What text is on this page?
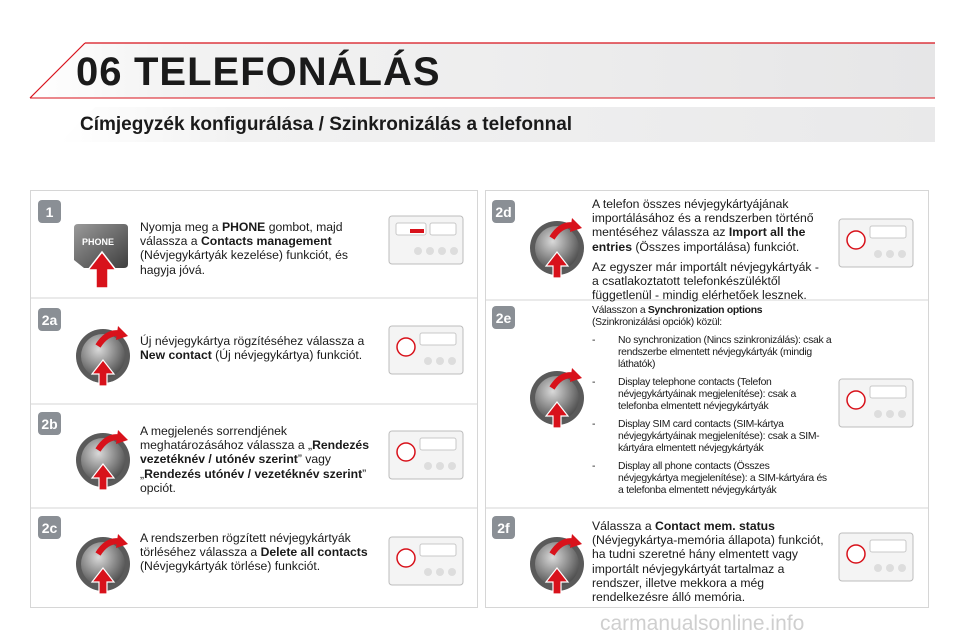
06 TELEFONÁLÁS
Címjegyzék konfigurálása / Szinkronizálás a telefonnal
1
PHONE
Nyomja meg a PHONE gombot, majd válassza a Contacts management (Névjegykártyák kezelése) funkciót, és hagyja jóvá.
2a
Új névjegykártya rögzítéséhez válassza a New contact (Új névjegykártya) funkciót.
2b	A megjelenés sorrendjének meghatározásához válassza a „Rendezés vezetéknév / utónév szerint” vagy „Rendezés utónév / vezetéknév szerint” opciót.
2c
A rendszerben rögzített névjegykártyák törléséhez válassza a Delete all contacts (Névjegykártyák törlése) funkciót.
2d	A telefon összes névjegykártyájának importálásához és a rendszerben történő mentéséhez válassza az Import all the entries (Összes importálása) funkciót.
Az egyszer már importált névjegykártyák - a csatlakoztatott telefonkészüléktől függetlenül - mindig elérhetőek lesznek.
2e	Válasszon a Synchronization options (Szinkronizálási opciók) közül:
- No synchronization (Nincs szinkronizálás): csak a rendszerbe elmentett névjegykártyák (mindig láthatók)
- Display telephone contacts (Telefon névjegykártyáinak megjelenítése): csak a telefonba elmentett névjegykártyák
- Display SIM card contacts (SIM-kártya névjegykártyáinak megjelenítése): csak a SIM-kártyára elmentett névjegykártyák
- Display all phone contacts (Összes névjegykártya megjelenítése): a SIM-kártyára és a telefonba elmentett névjegykártyák
2f	Válassza a Contact mem. status (Névjegykártya-memória állapota) funkciót, ha tudni szeretné hány elmentett vagy importált névjegykártyát tartalmaz a rendszer, illetve mekkora a még rendelkezésre álló memória.
carmanualsonline.info
